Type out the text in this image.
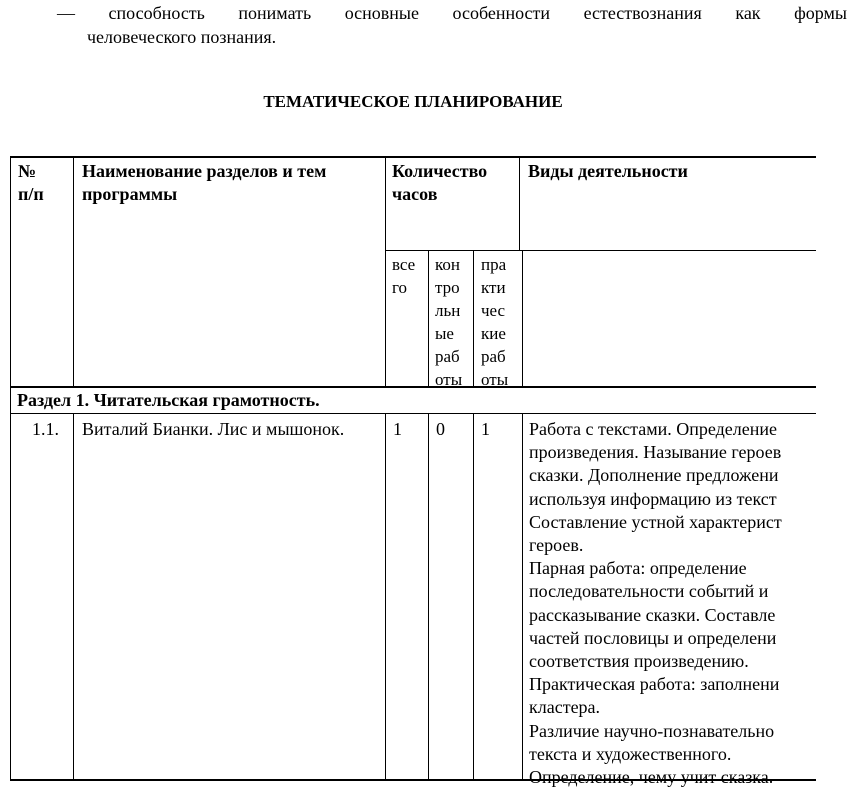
— способность понимать основные особенности естествознания как формы
человеческого познания.
ТЕМАТИЧЕСКОЕ ПЛАНИРОВАНИЕ
№
п/п
Наименование разделов и тем
программы
Количество
часов
Виды деятельности
все
го
кон
тро
льн
ые
раб
оты
пра
кти
чес
кие
раб
оты
Раздел 1. Читательская грамотность.
1.1. Виталий Бианки. Лис и мышонок.	1 0 1 Работа с текстами. Определение
произведения. Называние героев
сказки. Дополнение предложени
используя информацию из текст
Составление устной характерист
героев.
Парная работа: определение
последовательности событий и
рассказывание сказки. Составле
частей пословицы и определени
соответствия произведению.
Практическая работа: заполнени
кластера.
Различие научно-познавательно
текста и художественного.
Определение, чему учит сказка.
